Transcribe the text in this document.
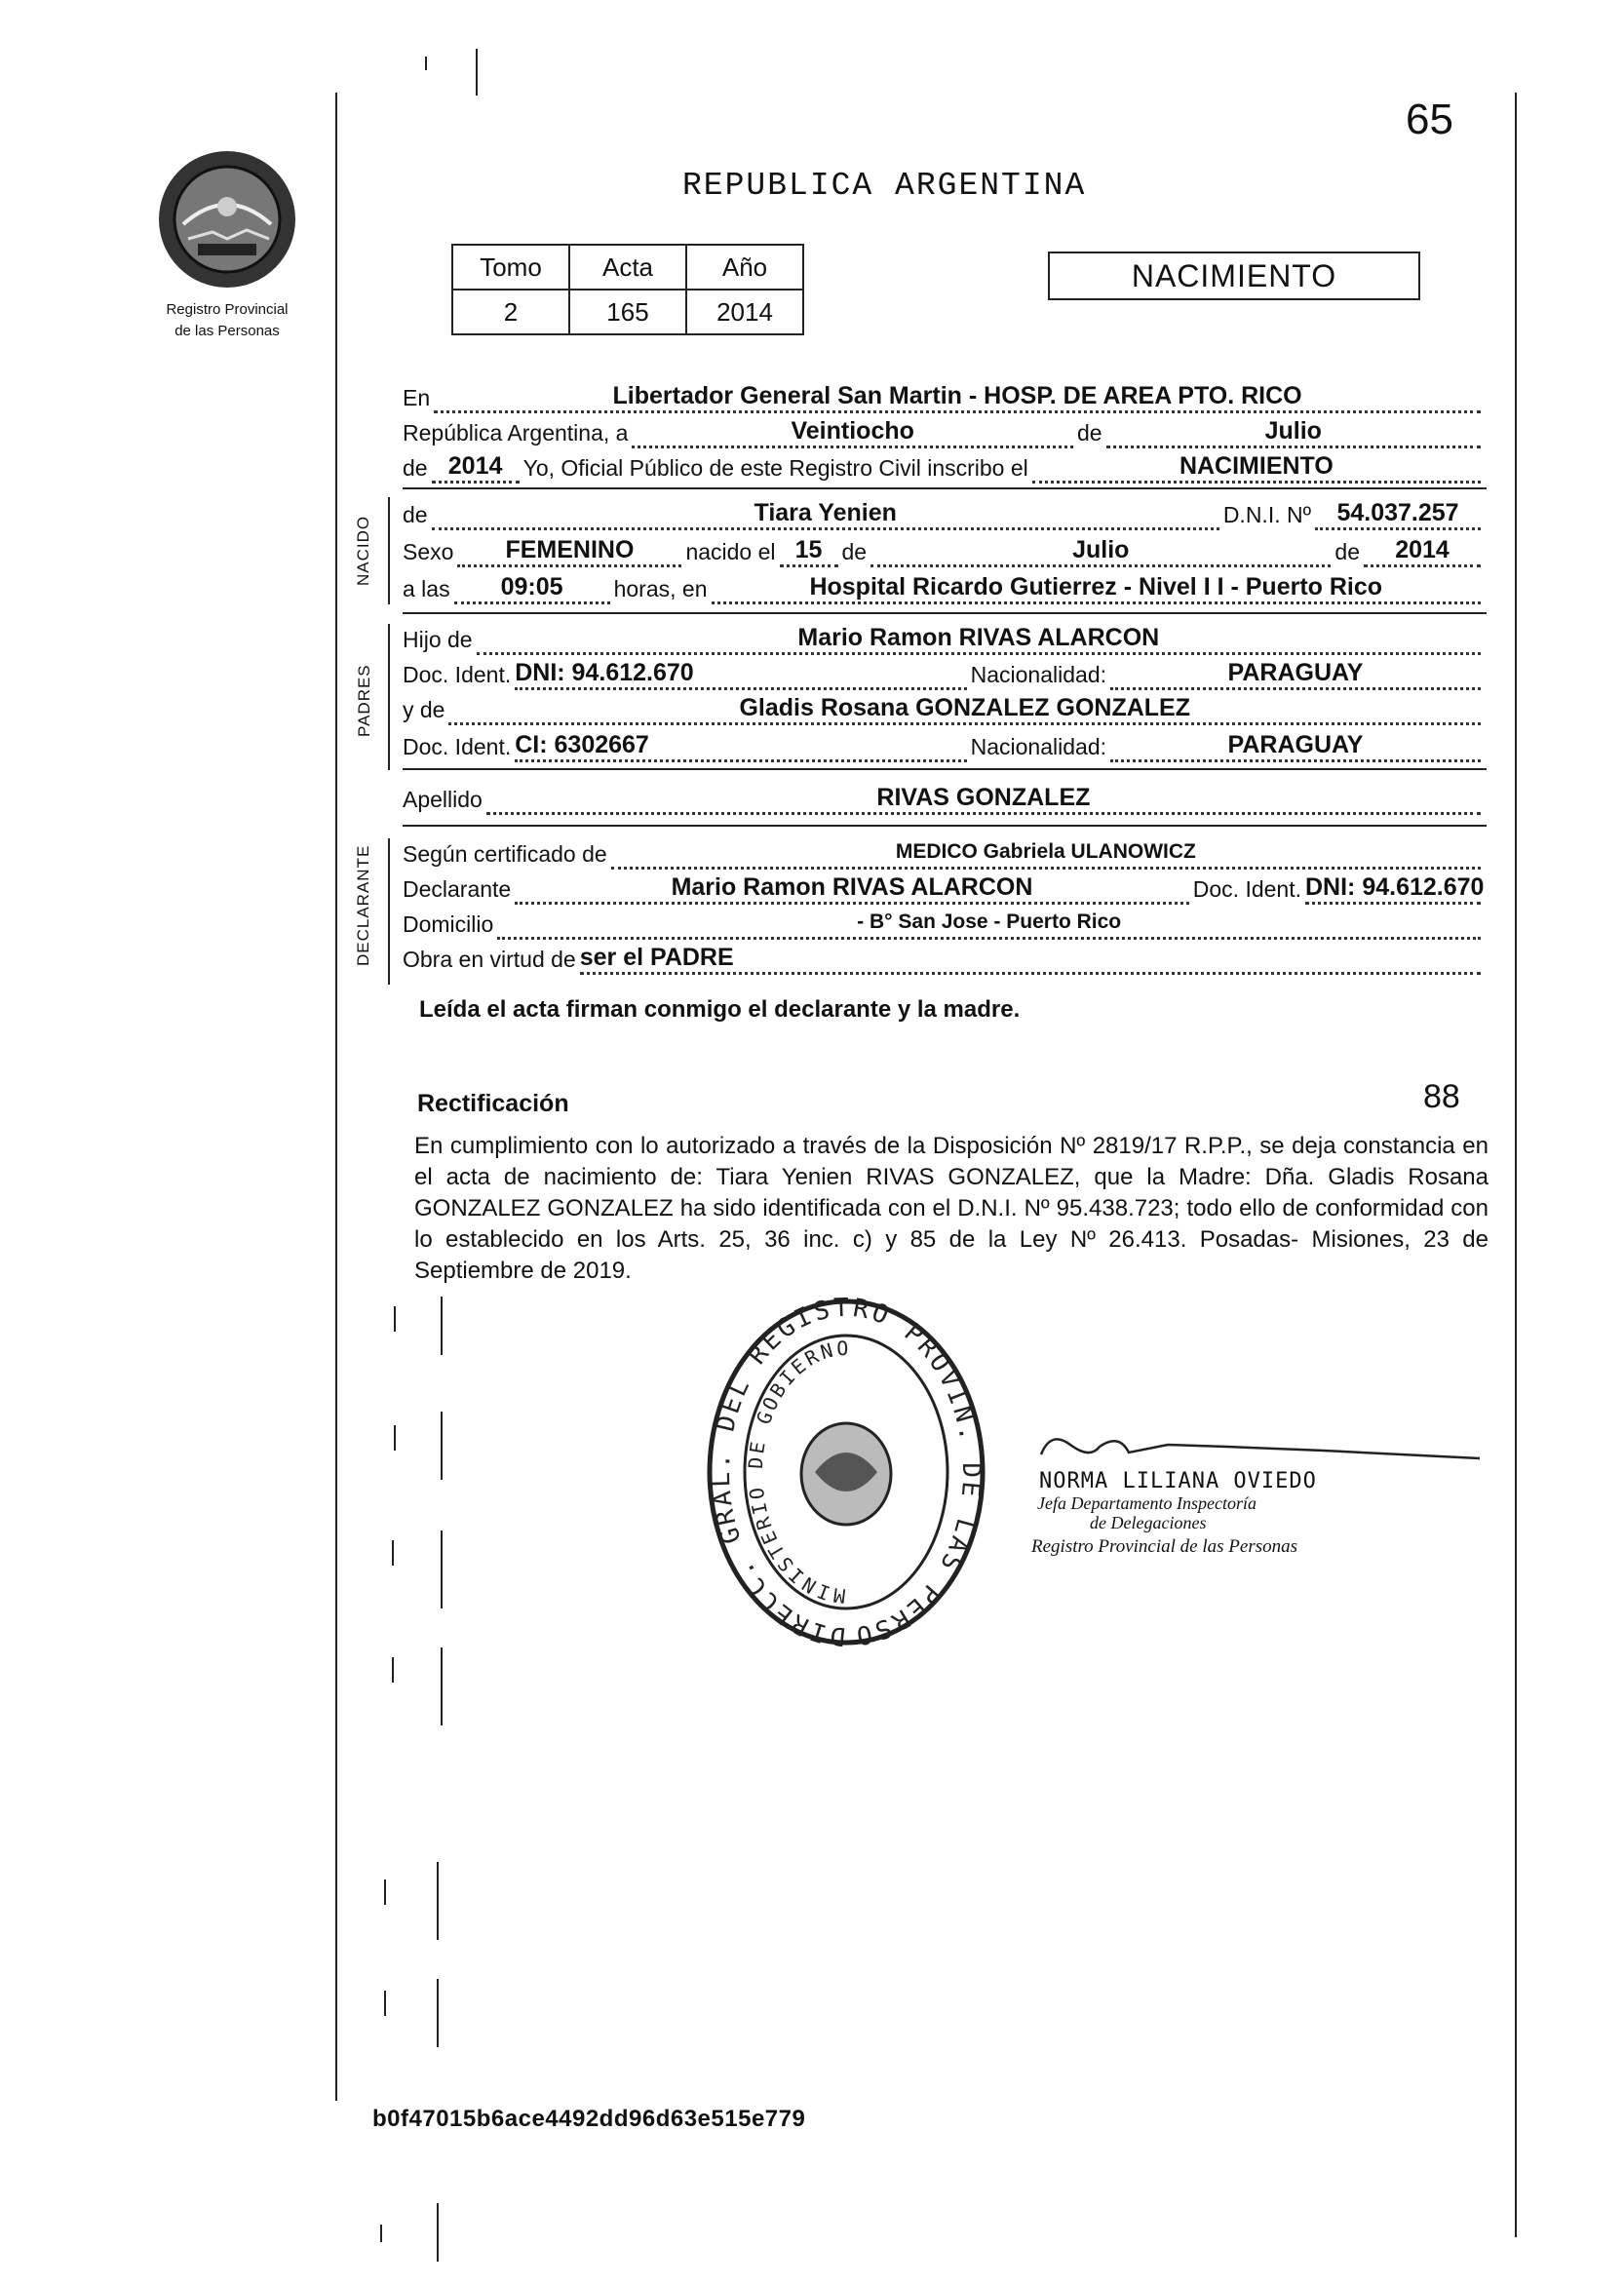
65
Registro Provincial
de las Personas
REPUBLICA ARGENTINA
Tomo	Acta	Año
2	165	2014
NACIMIENTO
NACIDO
PADRES
DECLARANTE
En	Libertador General San Martin - HOSP. DE AREA PTO. RICO
República Argentina, a	Veintiocho	de	Julio
de 2014 Yo, Oficial Público de este Registro Civil inscribo el	NACIMIENTO
de	Tiara Yenien	D.N.I. Nº	54.037.257
Sexo	FEMENINO	nacido el 15 de	Julio	de	2014
a las	09:05	horas, en	Hospital Ricardo Gutierrez - Nivel I I - Puerto Rico
Hijo de	Mario Ramon RIVAS ALARCON
Doc. Ident. DNI: 94.612.670	Nacionalidad:	PARAGUAY
y de	Gladis Rosana GONZALEZ GONZALEZ
Doc. Ident. CI: 6302667	Nacionalidad:	PARAGUAY
Apellido	RIVAS GONZALEZ
Según certificado de	MEDICO Gabriela ULANOWICZ
Declarante	Mario Ramon RIVAS ALARCON	Doc. Ident. DNI: 94.612.670
Domicilio	- B° San Jose - Puerto Rico
Obra en virtud de ser el PADRE
Leída el acta firman conmigo el declarante y la madre.
Rectificación	88
En cumplimiento con lo autorizado a través de la Disposición Nº 2819/17 R.P.P., se deja constancia en el acta de nacimiento de: Tiara Yenien RIVAS GONZALEZ, que la Madre: Dña. Gladis Rosana GONZALEZ GONZALEZ ha sido identificada con el D.N.I. Nº 95.438.723; todo ello de conformidad con lo establecido en los Arts. 25, 36 inc. c) y 85 de la Ley Nº 26.413. Posadas- Misiones, 23 de Septiembre de 2019.
DIRECC. GRAL. DEL REGISTRO PROVIN. DE LAS PERSO
MINISTERIO DE GOBIERNO
NORMA LILIANA OVIEDO
Jefa Departamento Inspectoría
de Delegaciones
Registro Provincial de las Personas
b0f47015b6ace4492dd96d63e515e779
